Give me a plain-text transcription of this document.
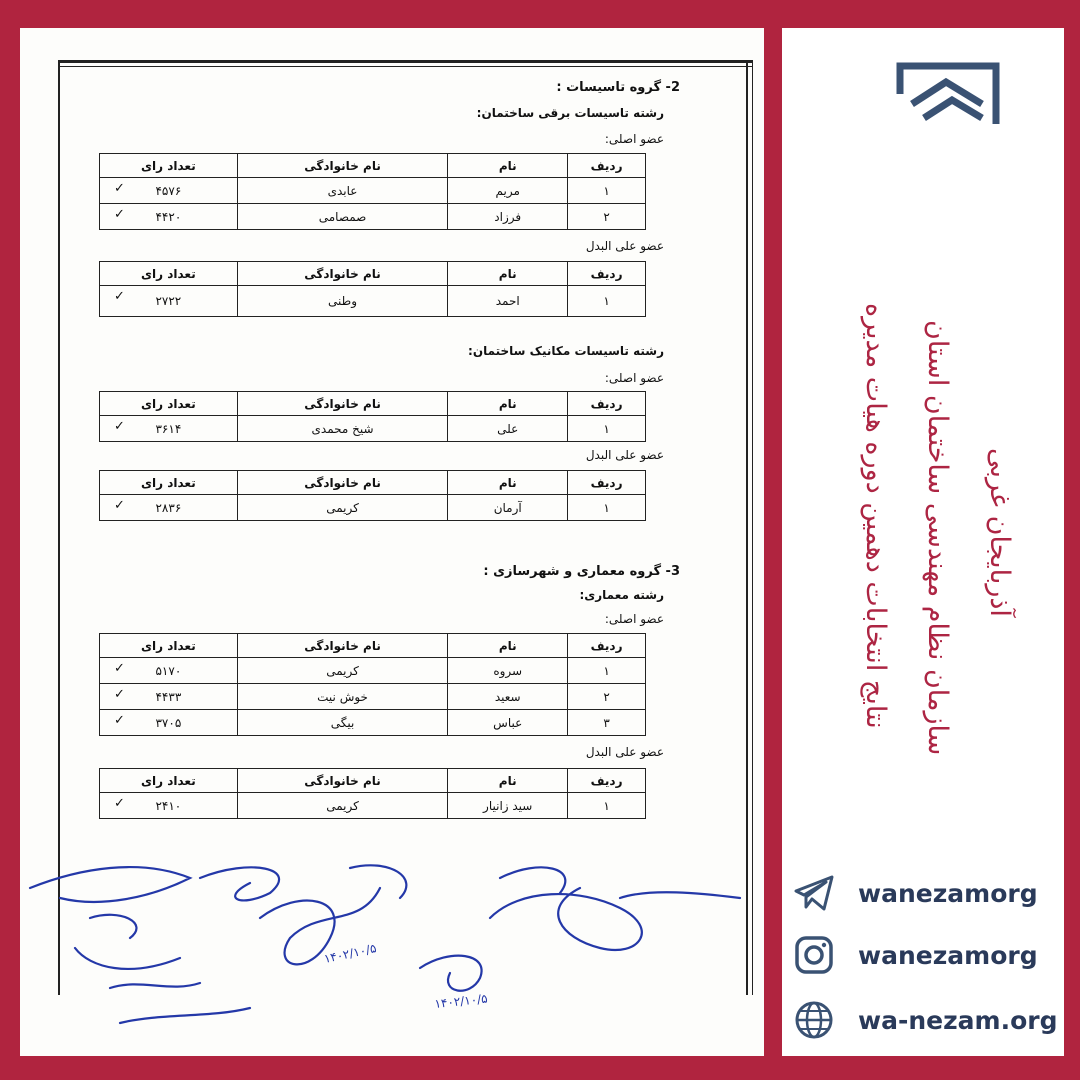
2- گروه تاسیسات :
رشته تاسیسات برقی ساختمان:
عضو اصلی:
ردیف	نام	نام خانوادگی	تعداد رای
۱	مریم	عابدی	۴۵۷۶
✓

۲	فرزاد	صمصامی	۴۴۲۰
✓
عضو علی البدل
ردیف	نام	نام خانوادگی	تعداد رای
۱	احمد	وطنی	۲۷۲۲
✓
رشته تاسیسات مکانیک ساختمان:
عضو اصلی:
ردیف	نام	نام خانوادگی	تعداد رای
۱	علی	شیخ محمدی	۳۶۱۴
✓
عضو علی البدل
ردیف	نام	نام خانوادگی	تعداد رای
۱	آرمان	کریمی	۲۸۳۶
✓
3- گروه معماری و شهرسازی :
رشته معماری:
عضو اصلی:
ردیف	نام	نام خانوادگی	تعداد رای
۱	سروه	کریمی	۵۱۷۰
✓

۲	سعید	خوش نیت	۴۴۳۳
✓

۳	عباس	بیگی	۳۷۰۵
✓
عضو علی البدل
ردیف	نام	نام خانوادگی	تعداد رای
۱	سید زانیار	کریمی	۲۴۱۰
✓
۱۴۰۲/۱۰/۵
۱۴۰۲/۱۰/۵
نتایج انتخابات دهمین دوره هیات مدیره سازمان نظام مهندسی ساختمان استان آذربایجان غربی
wanezamorg
wanezamorg
wa-nezam.org
